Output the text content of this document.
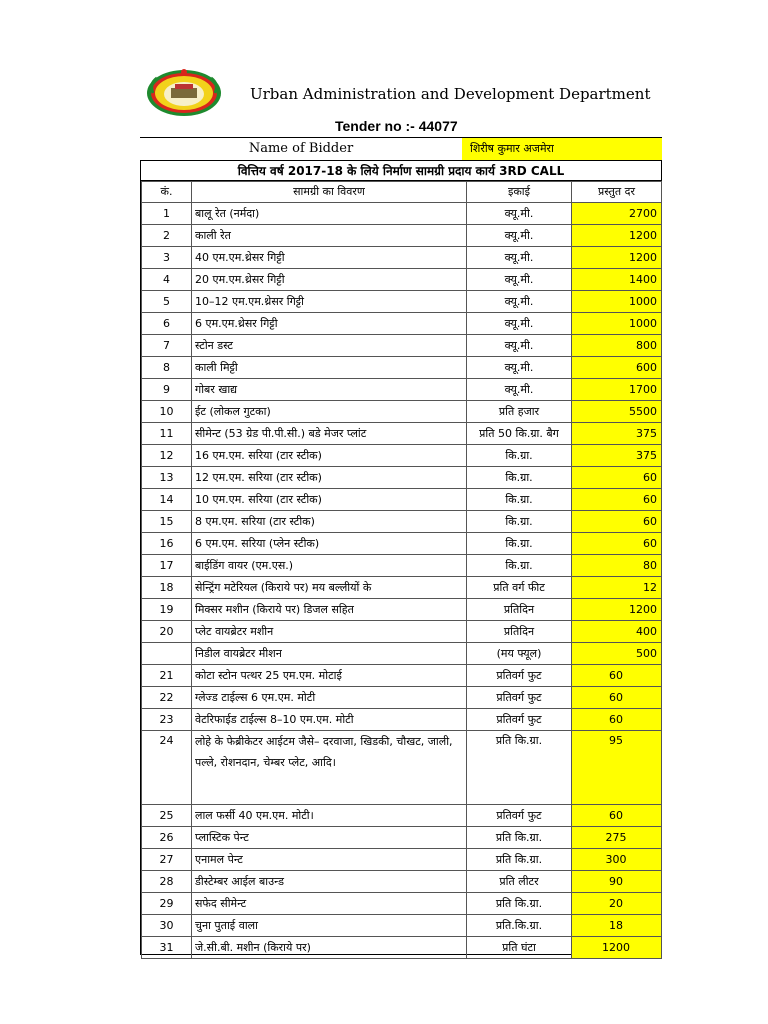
Urban Administration and Development Department
Tender no :- 44077
Name of Bidder	शिरीष कुमार अजमेरा
वित्तिय वर्ष 2017-18 के लिये निर्माण सामग्री प्रदाय कार्य 3RD CALL
कं.	सामग्री का विवरण	इकाई	प्रस्तुत दर
1	बालू रेत (नर्मदा)	क्यू.मी.	2700
2	काली रेत	क्यू.मी.	1200
3	40 एम.एम.थ्रेसर गिट्टी	क्यू.मी.	1200
4	20 एम.एम.थ्रेसर गिट्टी	क्यू.मी.	1400
5	10–12 एम.एम.थ्रेसर गिट्टी	क्यू.मी.	1000
6	6 एम.एम.थ्रेसर गिट्टी	क्यू.मी.	1000
7	स्टोन डस्ट	क्यू.मी.	800
8	काली मिट्टी	क्यू.मी.	600
9	गोबर खाद्य	क्यू.मी.	1700
10	ईट (लोकल गुटका)	प्रति हजार	5500
11	सीमेन्ट (53 ग्रेड पी.पी.सी.) बडे मेजर प्लांट	प्रति 50 कि.ग्रा. बैग	375
12	16 एम.एम. सरिया (टार स्टीक)	कि.ग्रा.	375
13	12 एम.एम. सरिया (टार स्टीक)	कि.ग्रा.	60
14	10 एम.एम. सरिया (टार स्टीक)	कि.ग्रा.	60
15	8 एम.एम. सरिया (टार स्टीक)	कि.ग्रा.	60
16	6 एम.एम. सरिया (प्लेन स्टीक)	कि.ग्रा.	60
17	बाईडिंग वायर (एम.एस.)	कि.ग्रा.	80
18	सेन्ट्रिंग मटेरियल (किराये पर) मय बल्लीयों के	प्रति वर्ग फीट	12
19	मिक्सर मशीन (किराये पर) डिजल सहित	प्रतिदिन	1200
20	प्लेट वायब्रेटर मशीन	प्रतिदिन	400
	निडील वायब्रेटर मीशन	(मय फ्यूल)	500
21	कोटा स्टोन पत्थर 25 एम.एम. मोटाई	प्रतिवर्ग फुट	60
22	ग्लेज्ड टाईल्स 6 एम.एम. मोटी	प्रतिवर्ग फुट	60
23	वेटरिफाईड टाईल्स 8–10 एम.एम. मोटी	प्रतिवर्ग फुट	60
24	लोहे के फेब्रीकेटर आईटम जैसे– दरवाजा, खिडकी, चौखट, जाली, पल्ले, रोशनदान, चेम्बर प्लेट, आदि।	प्रति कि.ग्रा.	95
25	लाल फर्सी 40 एम.एम. मोटी।	प्रतिवर्ग फुट	60
26	प्लास्टिक पेन्ट	प्रति कि.ग्रा.	275
27	एनामल पेन्ट	प्रति कि.ग्रा.	300
28	डीस्टेम्बर आईल बाउन्ड	प्रति लीटर	90
29	सफेद सीमेन्ट	प्रति कि.ग्रा.	20
30	चुना पुताई वाला	प्रति.कि.ग्रा.	18
31	जे.सी.बी. मशीन (किराये पर)	प्रति घंटा	1200
